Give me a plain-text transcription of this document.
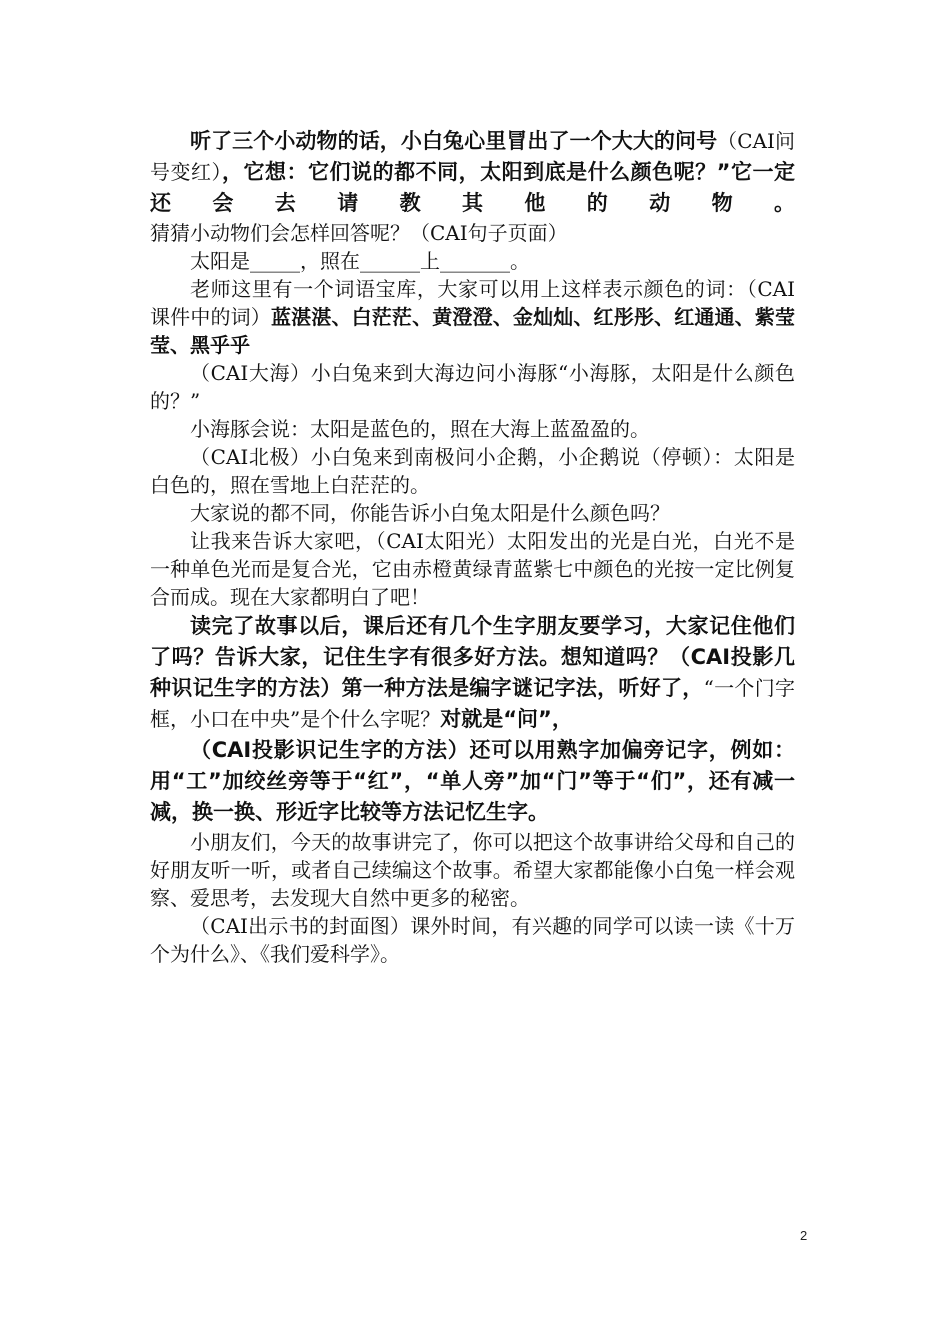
听了三个小动物的话，小白兔心里冒出了一个大大的问号（CAI问号变红），它想：它们说的都不同，太阳到底是什么颜色呢？”它一定还会去请教其他的动物。 猜猜小动物们会怎样回答呢？（CAI句子页面）

太阳是_____，照在______上_______。

老师这里有一个词语宝库，大家可以用上这样表示颜色的词：（CAI课件中的词）蓝湛湛、白茫茫、黄澄澄、金灿灿、红彤彤、红通通、紫莹莹、黑乎乎

（CAI大海）小白兔来到大海边问小海豚“小海豚，太阳是什么颜色的？”

小海豚会说：太阳是蓝色的，照在大海上蓝盈盈的。

（CAI北极）小白兔来到南极问小企鹅，小企鹅说（停顿）：太阳是白色的，照在雪地上白茫茫的。

大家说的都不同，你能告诉小白兔太阳是什么颜色吗？

让我来告诉大家吧，（CAI太阳光）太阳发出的光是白光，白光不是一种单色光而是复合光，它由赤橙黄绿青蓝紫七中颜色的光按一定比例复合而成。现在大家都明白了吧！

读完了故事以后，课后还有几个生字朋友要学习，大家记住他们了吗？告诉大家，记住生字有很多好方法。想知道吗？（CAI投影几种识记生字的方法）第一种方法是编字谜记字法，听好了，“一个门字框，小口在中央”是个什么字呢？对就是“问”，

（CAI投影识记生字的方法）还可以用熟字加偏旁记字，例如：用“工”加绞丝旁等于“红”，“单人旁”加“门”等于“们”，还有减一减，换一换、形近字比较等方法记忆生字。

小朋友们，今天的故事讲完了，你可以把这个故事讲给父母和自己的好朋友听一听，或者自己续编这个故事。希望大家都能像小白兔一样会观察、爱思考，去发现大自然中更多的秘密。

（CAI出示书的封面图）课外时间，有兴趣的同学可以读一读《十万个为什么》、《我们爱科学》。

2
